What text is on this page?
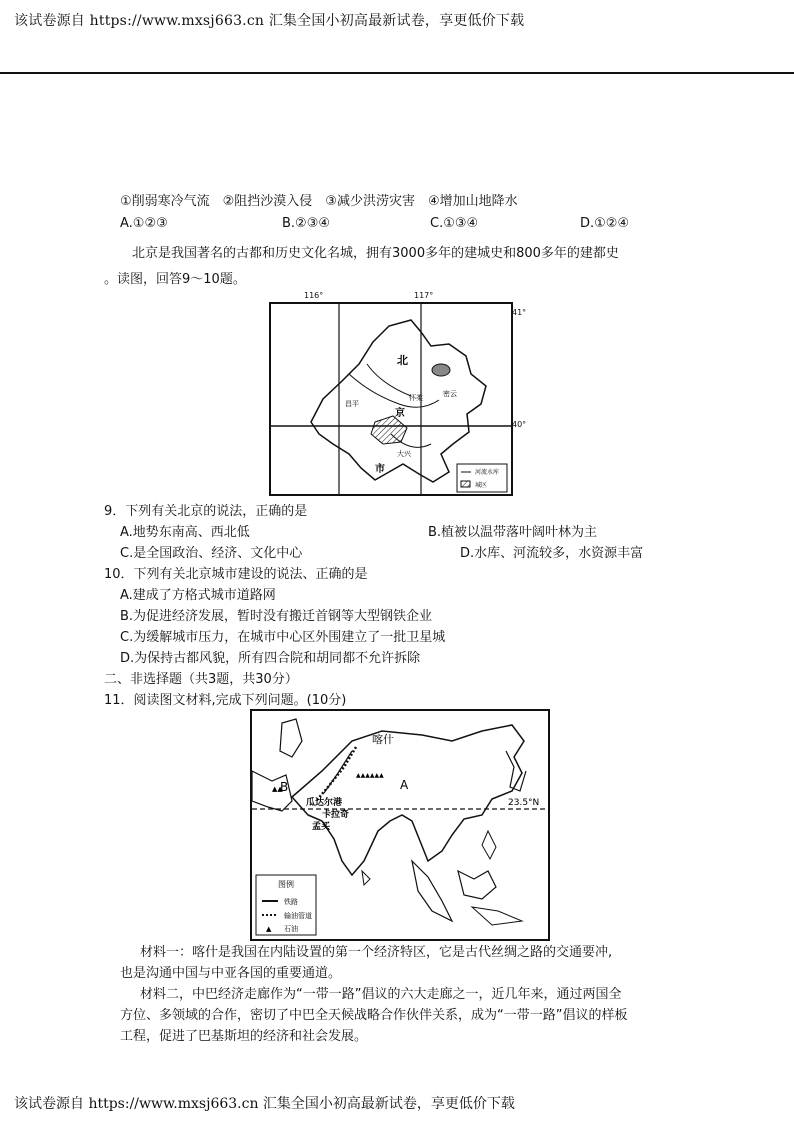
该试卷源自 https://www.mxsj663.cn 汇集全国小初高最新试卷，享更低价下载
①削弱寒冷气流　②阻挡沙漠入侵　③减少洪涝灾害　④增加山地降水
A.①②③	B.②③④	C.①③④	D.①②④
北京是我国著名的古都和历史文化名城，拥有3000多年的建城史和800多年的建都史
。读图，回答9～10题。
北
京
市
密云
怀柔
昌平
大兴
河流水库
城区
116°	117°
41°
40°
9．下列有关北京的说法，正确的是
A.地势东南高、西北低	B.植被以温带落叶阔叶林为主
C.是全国政治、经济、文化中心	D.水库、河流较多，水资源丰富
10．下列有关北京城市建设的说法、正确的是
A.建成了方格式城市道路网
B.为促进经济发展，暂时没有搬迁首钢等大型钢铁企业
C.为缓解城市压力，在城市中心区外围建立了一批卫星城
D.为保持古都风貌，所有四合院和胡同都不允许拆除
二、非选择题（共3题，共30分）
11．阅读图文材料,完成下列问题。(10分)
▲▲
▲▲▲▲▲▲
喀什
B	A
瓜达尔港
卡拉奇
孟买
23.5°N
图例
铁路
输油管道
▲ 石油
材料一：喀什是我国在内陆设置的第一个经济特区，它是古代丝绸之路的交通要冲,
也是沟通中国与中亚各国的重要通道。
材料二，中巴经济走廊作为“一带一路”倡议的六大走廊之一，近几年来，通过两国全
方位、多领域的合作，密切了中巴全天候战略合作伙伴关系，成为“一带一路”倡议的样板
工程，促进了巴基斯坦的经济和社会发展。
该试卷源自 https://www.mxsj663.cn 汇集全国小初高最新试卷，享更低价下载
